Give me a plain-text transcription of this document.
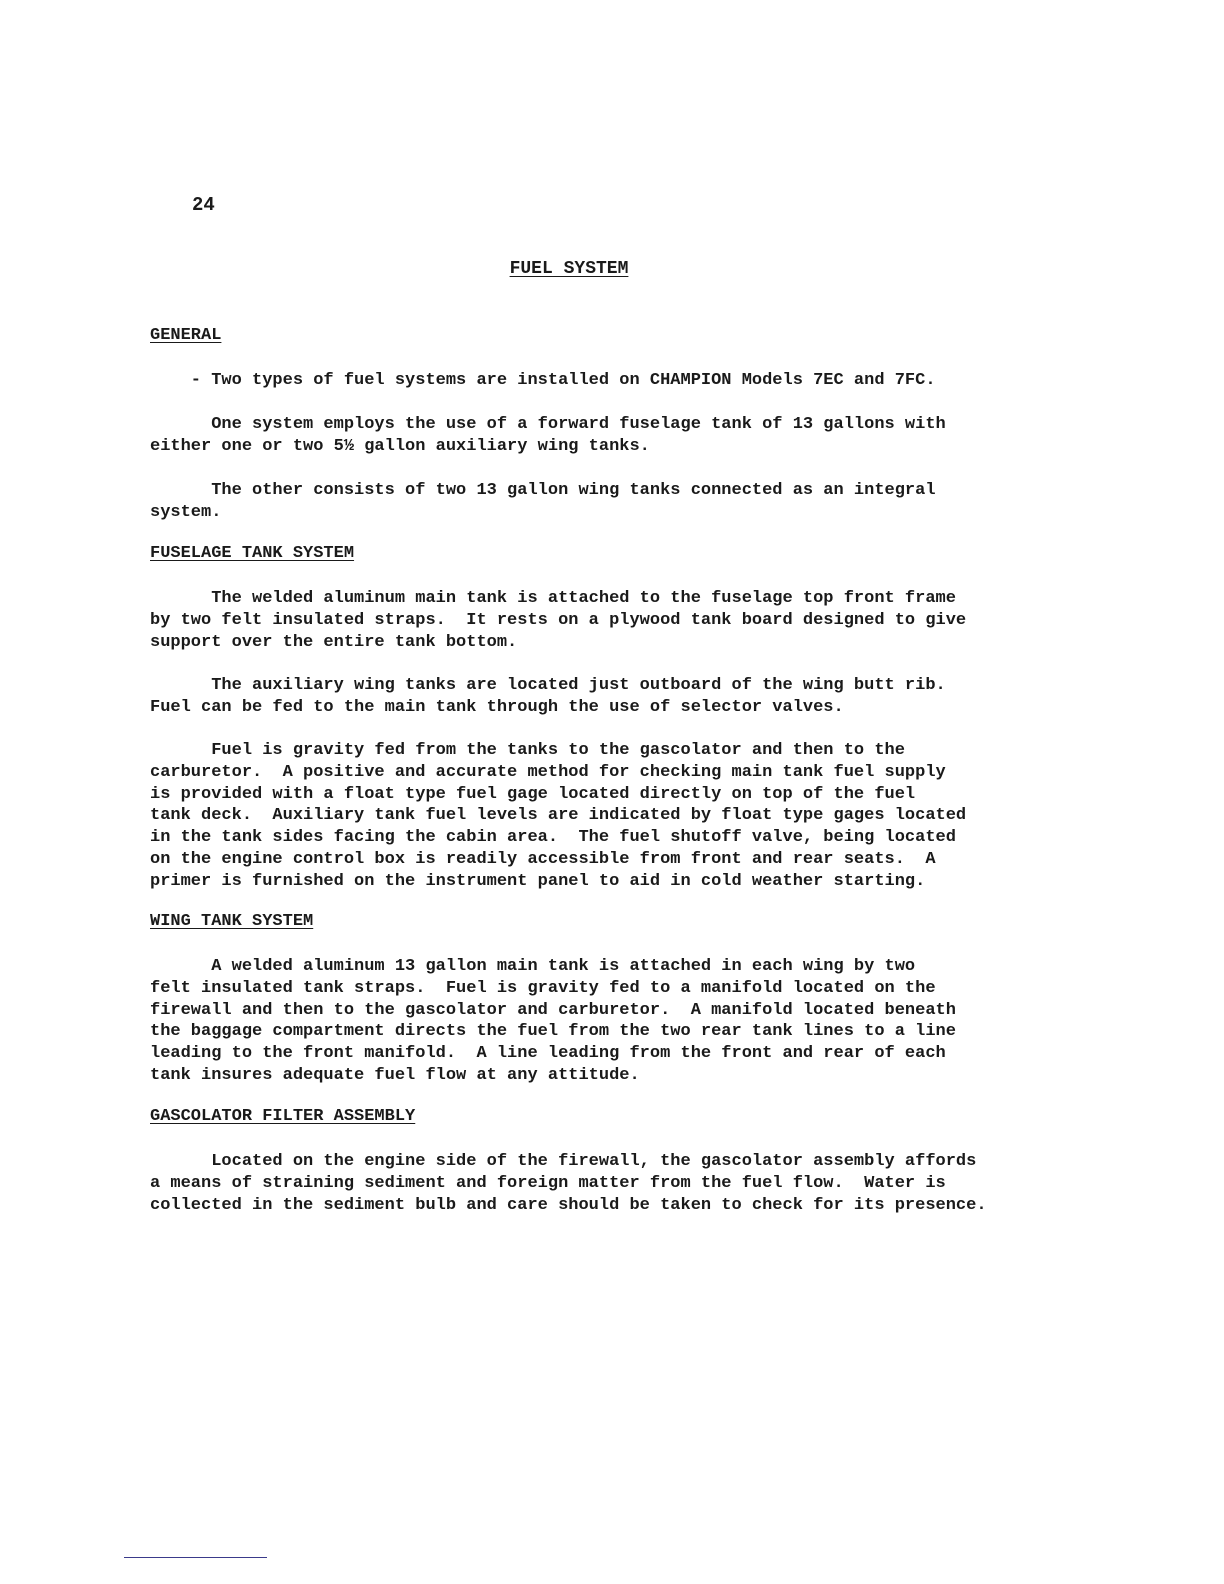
24

FUEL SYSTEM
GENERAL

- Two types of fuel systems are installed on CHAMPION Models 7EC and 7FC.

One system employs the use of a forward fuselage tank of 13 gallons with
either one or two 5½ gallon auxiliary wing tanks.

The other consists of two 13 gallon wing tanks connected as an integral
system.

FUSELAGE TANK SYSTEM

The welded aluminum main tank is attached to the fuselage top front frame
by two felt insulated straps.  It rests on a plywood tank board designed to give
support over the entire tank bottom.

The auxiliary wing tanks are located just outboard of the wing butt rib.
Fuel can be fed to the main tank through the use of selector valves.

Fuel is gravity fed from the tanks to the gascolator and then to the
carburetor.  A positive and accurate method for checking main tank fuel supply
is provided with a float type fuel gage located directly on top of the fuel
tank deck.  Auxiliary tank fuel levels are indicated by float type gages located
in the tank sides facing the cabin area.  The fuel shutoff valve, being located
on the engine control box is readily accessible from front and rear seats.  A
primer is furnished on the instrument panel to aid in cold weather starting.

WING TANK SYSTEM

A welded aluminum 13 gallon main tank is attached in each wing by two
felt insulated tank straps.  Fuel is gravity fed to a manifold located on the
firewall and then to the gascolator and carburetor.  A manifold located beneath
the baggage compartment directs the fuel from the two rear tank lines to a line
leading to the front manifold.  A line leading from the front and rear of each
tank insures adequate fuel flow at any attitude.

GASCOLATOR FILTER ASSEMBLY

Located on the engine side of the firewall, the gascolator assembly affords
a means of straining sediment and foreign matter from the fuel flow.  Water is
collected in the sediment bulb and care should be taken to check for its presence.
